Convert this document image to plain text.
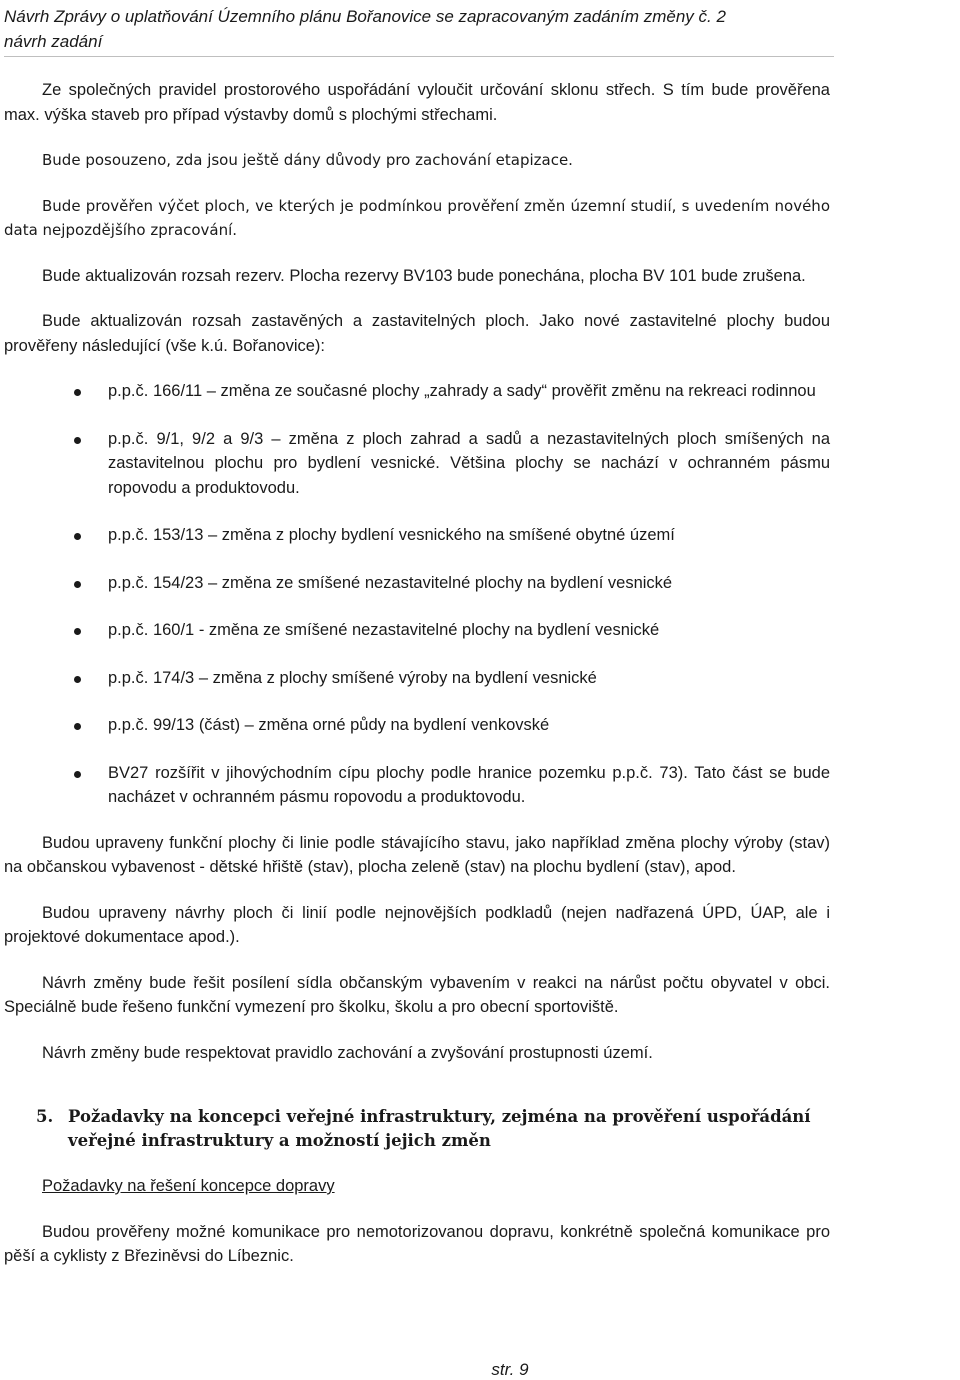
Návrh Zprávy o uplatňování Územního plánu Bořanovice se zapracovaným zadáním změny č. 2
návrh zadání

Ze společných pravidel prostorového uspořádání vyloučit určování sklonu střech. S tím bude prověřena max. výška staveb pro případ výstavby domů s plochými střechami.

Bude posouzeno, zda jsou ještě dány důvody pro zachování etapizace.

Bude prověřen výčet ploch, ve kterých je podmínkou prověření změn územní studií, s uvedením nového data nejpozdějšího zpracování.

Bude aktualizován rozsah rezerv. Plocha rezervy BV103 bude ponechána, plocha BV 101 bude zrušena.

Bude aktualizován rozsah zastavěných a zastavitelných ploch. Jako nové zastavitelné plochy budou prověřeny následující (vše k.ú. Bořanovice):

p.p.č. 166/11 – změna ze současné plochy „zahrady a sady“ prověřit změnu na rekreaci rodinnou
p.p.č. 9/1, 9/2 a 9/3 – změna z ploch zahrad a sadů a nezastavitelných ploch smíšených na zastavitelnou plochu pro bydlení vesnické. Většina plochy se nachází v ochranném pásmu ropovodu a produktovodu.
p.p.č. 153/13 – změna z plochy bydlení vesnického na smíšené obytné území
p.p.č. 154/23 – změna ze smíšené nezastavitelné plochy na bydlení vesnické
p.p.č. 160/1 - změna ze smíšené nezastavitelné plochy na bydlení vesnické
p.p.č. 174/3 – změna z plochy smíšené výroby na bydlení vesnické
p.p.č. 99/13 (část) – změna orné půdy na bydlení venkovské
BV27 rozšířit v jihovýchodním cípu plochy podle hranice pozemku p.p.č. 73). Tato část se bude nacházet v ochranném pásmu ropovodu a produktovodu.

Budou upraveny funkční plochy či linie podle stávajícího stavu, jako například změna plochy výroby (stav) na občanskou vybavenost - dětské hřiště (stav), plocha zeleně (stav) na plochu bydlení (stav), apod.

Budou upraveny návrhy ploch či linií podle nejnovějších podkladů (nejen nadřazená ÚPD, ÚAP, ale i projektové dokumentace apod.).

Návrh změny bude řešit posílení sídla občanským vybavením v reakci na nárůst počtu obyvatel v obci. Speciálně bude řešeno funkční vymezení pro školku, školu a pro obecní sportoviště.

Návrh změny bude respektovat pravidlo zachování a zvyšování prostupnosti území.

5. Požadavky na koncepci veřejné infrastruktury, zejména na prověření uspořádání veřejné infrastruktury a možností jejich změn
Požadavky na řešení koncepce dopravy

Budou prověřeny možné komunikace pro nemotorizovanou dopravu, konkrétně společná komunikace pro pěší a cyklisty z Březiněvsi do Líbeznic.

str. 9
